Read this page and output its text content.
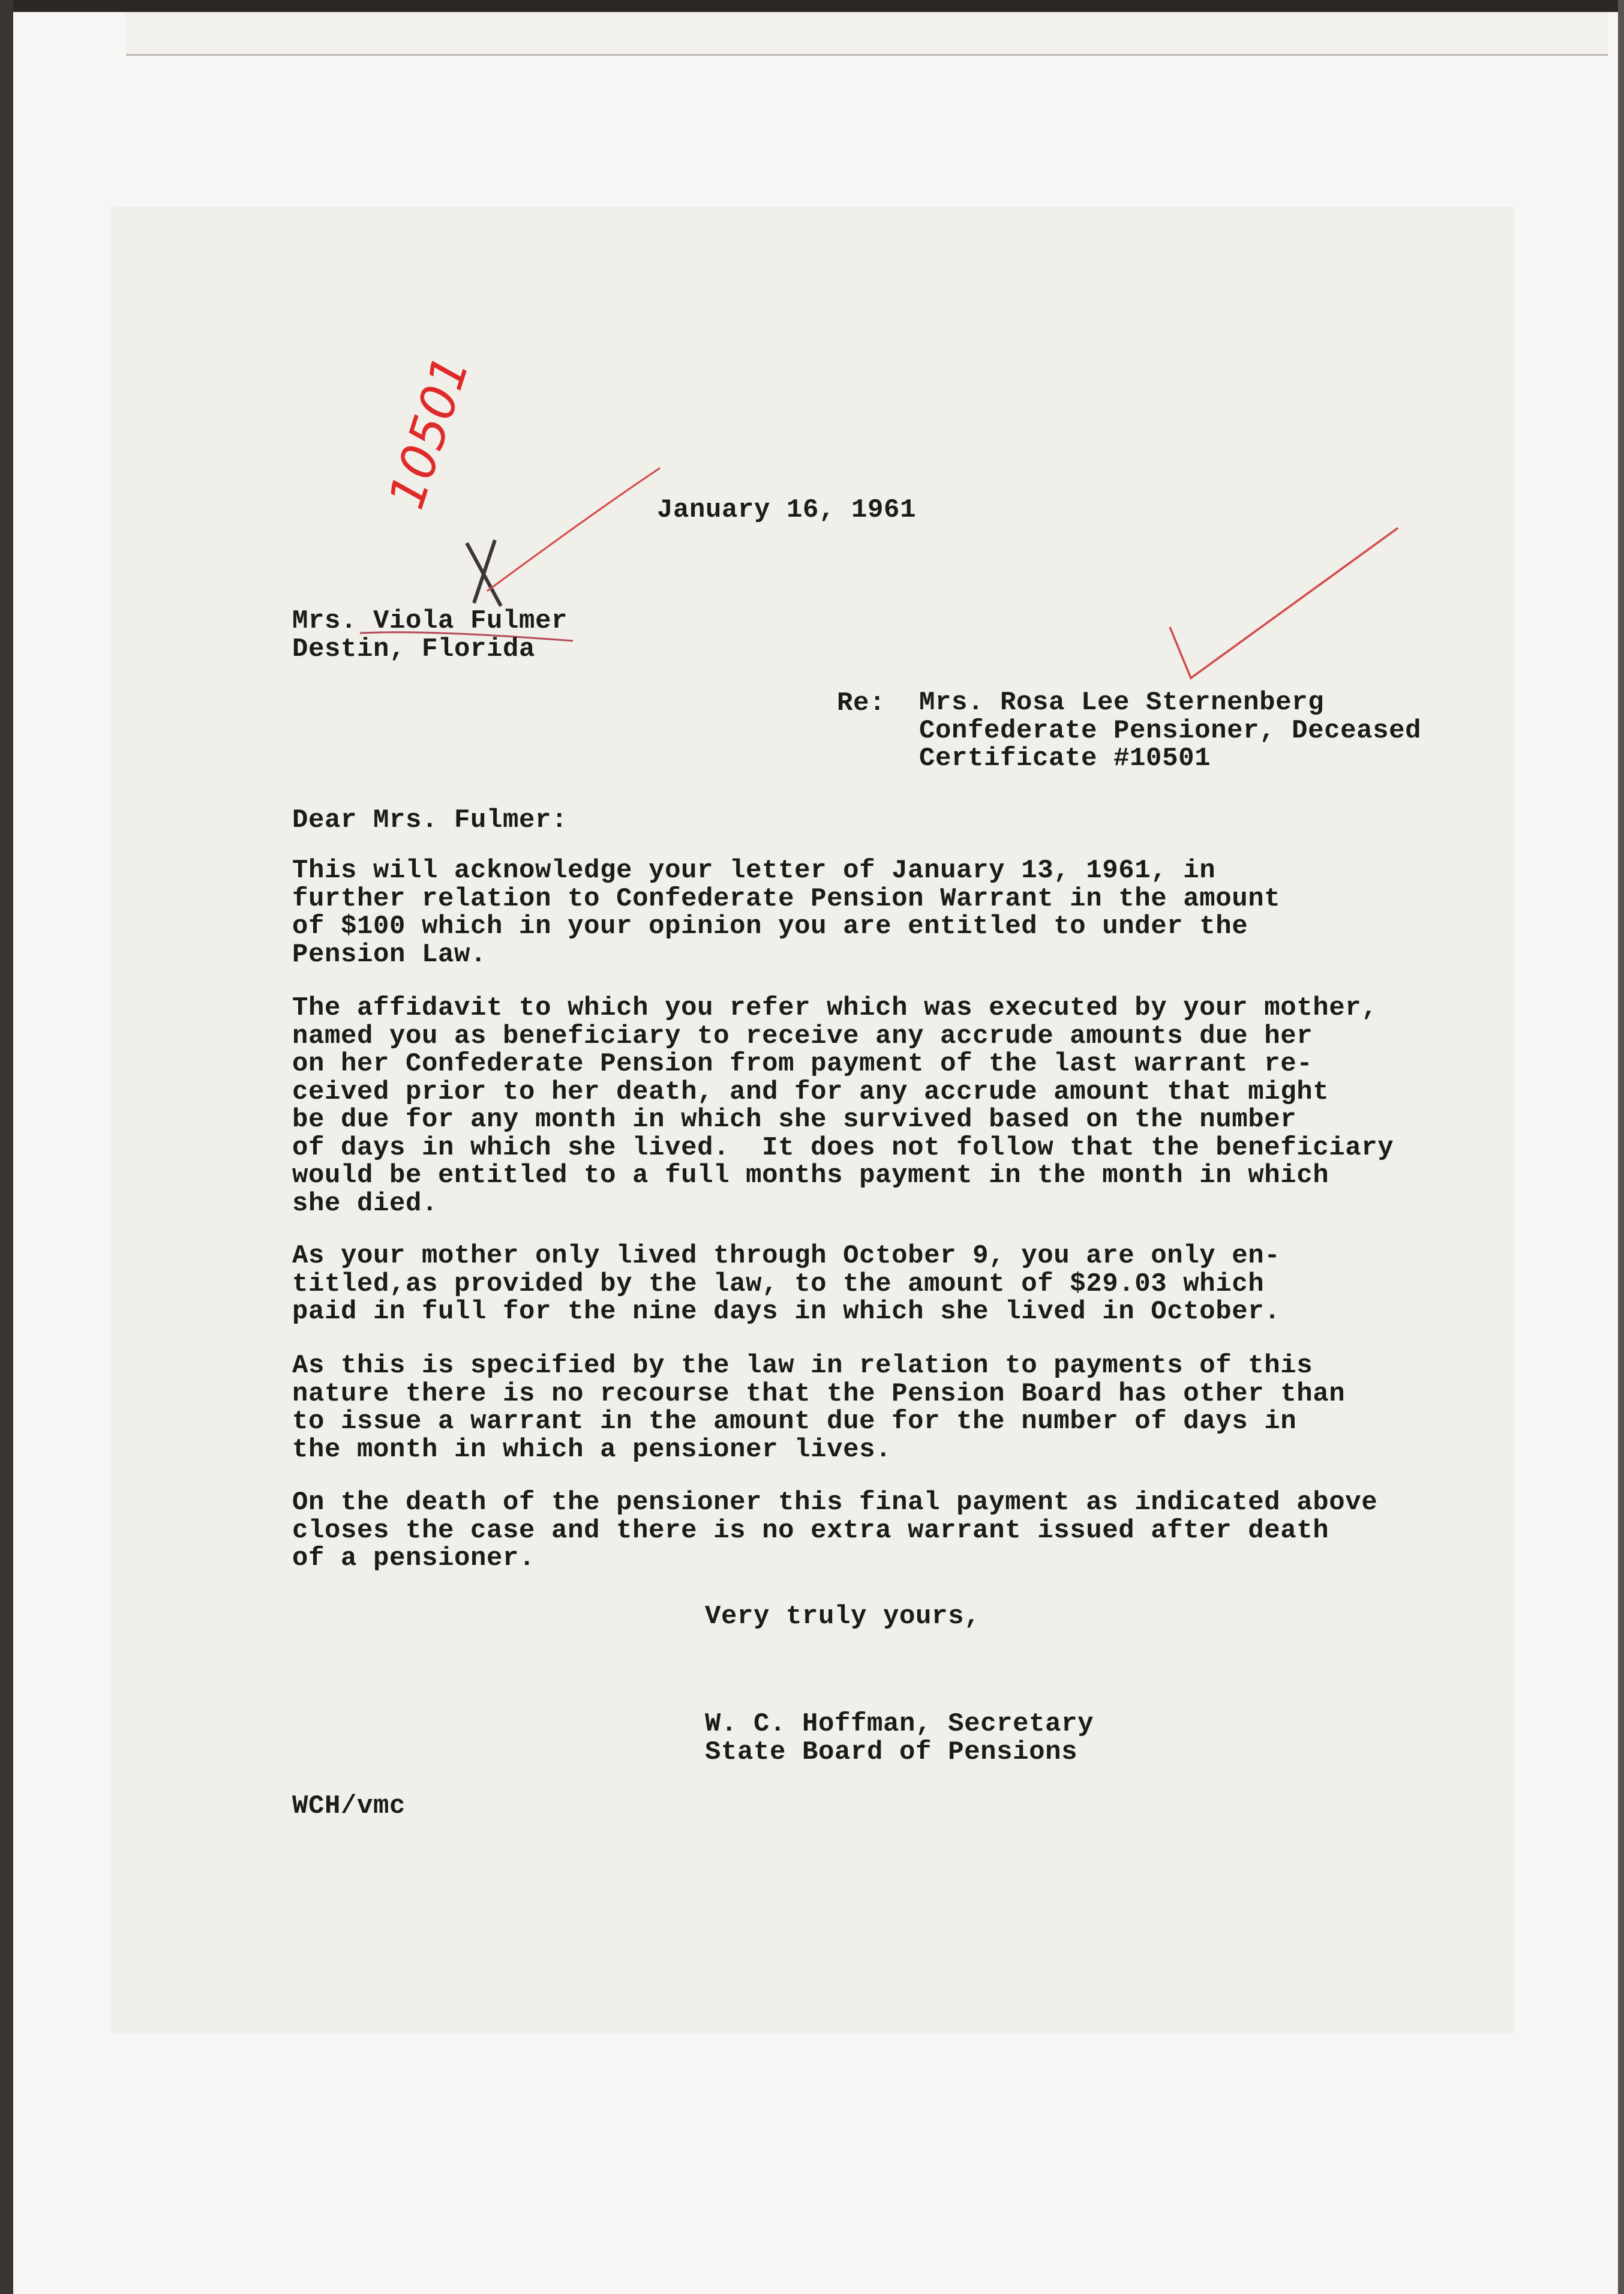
10501	January 16, 1961
Mrs. Viola Fulmer
Destin, Florida
Re: Mrs. Rosa Lee Sternenberg
Confederate Pensioner, Deceased
Certificate #10501
Dear Mrs. Fulmer:
This will acknowledge your letter of January 13, 1961, in
further relation to Confederate Pension Warrant in the amount
of $100 which in your opinion you are entitled to under the
Pension Law.
The affidavit to which you refer which was executed by your mother,
named you as beneficiary to receive any accrude amounts due her
on her Confederate Pension from payment of the last warrant re-
ceived prior to her death, and for any accrude amount that might
be due for any month in which she survived based on the number
of days in which she lived.  It does not follow that the beneficiary
would be entitled to a full months payment in the month in which
she died.
As your mother only lived through October 9, you are only en-
titled,as provided by the law, to the amount of $29.03 which
paid in full for the nine days in which she lived in October.
As this is specified by the law in relation to payments of this
nature there is no recourse that the Pension Board has other than
to issue a warrant in the amount due for the number of days in
the month in which a pensioner lives.
On the death of the pensioner this final payment as indicated above
closes the case and there is no extra warrant issued after death
of a pensioner.
Very truly yours,
W. C. Hoffman, Secretary
State Board of Pensions
WCH/vmc
